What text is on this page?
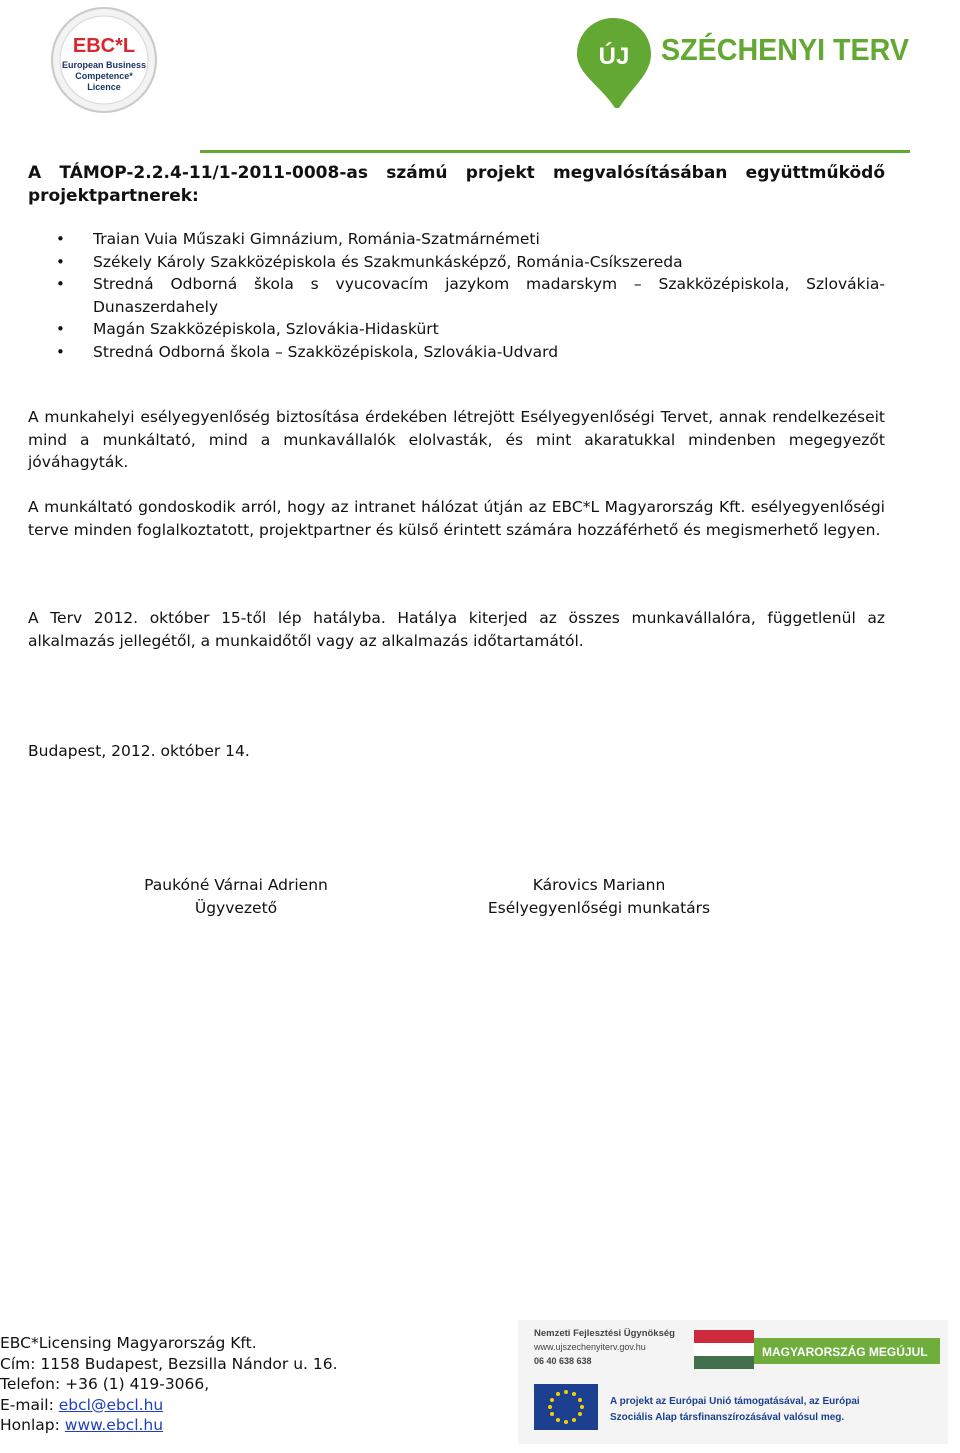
EBC*L
European Business
Competence*
Licence
ÚJ SZÉCHENYI TERV
A TÁMOP-2.2.4-11/1-2011-0008-as számú projekt megvalósításában együttműködő projektpartnerek:
• Traian Vuia Műszaki Gimnázium, Románia-Szatmárnémeti
• Székely Károly Szakközépiskola és Szakmunkásképző, Románia-Csíkszereda
• Stredná Odborná škola s vyucovacím jazykom madarskym – Szakközépiskola, Szlovákia-Dunaszerdahely
• Magán Szakközépiskola, Szlovákia-Hidaskürt
• Stredná Odborná škola – Szakközépiskola, Szlovákia-Udvard

A munkahelyi esélyegyenlőség biztosítása érdekében létrejött Esélyegyenlőségi Tervet, annak rendelkezéseit mind a munkáltató, mind a munkavállalók elolvasták, és mint akaratukkal mindenben megegyezőt jóváhagyták.

A munkáltató gondoskodik arról, hogy az intranet hálózat útján az EBC*L Magyarország Kft. esélyegyenlőségi terve minden foglalkoztatott, projektpartner és külső érintett számára hozzáférhető és megismerhető legyen.

A Terv 2012. október 15-től lép hatályba. Hatálya kiterjed az összes munkavállalóra, függetlenül az alkalmazás jellegétől, a munkaidőtől vagy az alkalmazás időtartamától.

Budapest, 2012. október 14.

Paukóné Várnai Adrienn
Ügyvezető
Károvics Mariann
Esélyegyenlőségi munkatárs
EBC*Licensing Magyarország Kft.
Cím: 1158 Budapest, Bezsilla Nándor u. 16.
Telefon: +36 (1) 419-3066,
E-mail: ebcl@ebcl.hu
Honlap: www.ebcl.hu
Nemzeti Fejlesztési Ügynökség
www.ujszechenyiterv.gov.hu
06 40 638 638
MAGYARORSZÁG MEGÚJUL
A projekt az Európai Unió támogatásával, az Európai
Szociális Alap társfinanszírozásával valósul meg.
